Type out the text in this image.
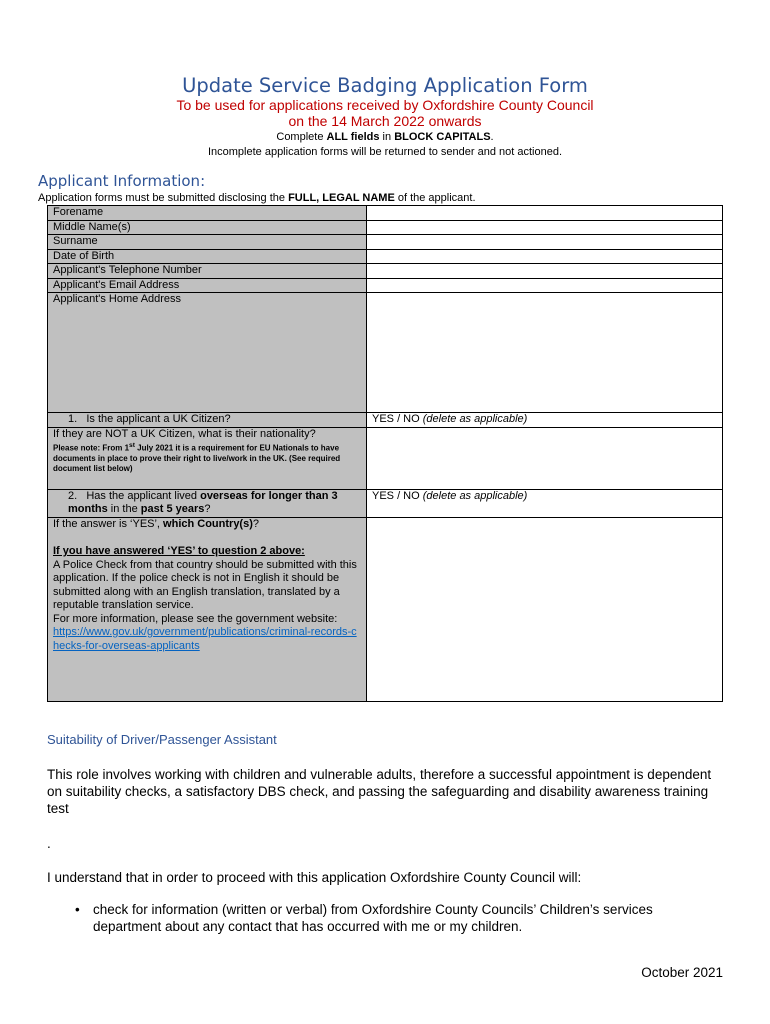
Update Service Badging Application Form
To be used for applications received by Oxfordshire County Council
on the 14 March 2022 onwards
Complete ALL fields in BLOCK CAPITALS.
Incomplete application forms will be returned to sender and not actioned.
Applicant Information:
Application forms must be submitted disclosing the FULL, LEGAL NAME of the applicant.
Forename	
Middle Name(s)	
Surname	
Date of Birth	
Applicant's Telephone Number	
Applicant's Email Address	
Applicant's Home Address	
1. Is the applicant a UK Citizen?	YES / NO (delete as applicable)

If they are NOT a UK Citizen, what is their nationality?
Please note: From 1st July 2021 it is a requirement for EU Nationals to have documents in place to prove their right to live/work in the UK. (See required document list below)	

2. Has the applicant lived overseas for longer than 3 months in the past 5 years?	YES / NO (delete as applicable)

If the answer is ‘YES’, which Country(s)?
If you have answered ‘YES’ to question 2 above:
A Police Check from that country should be submitted with this application. If the police check is not in English it should be submitted along with an English translation, translated by a reputable translation service.
For more information, please see the government website:
https://www.gov.uk/government/publications/criminal-records-checks-for-overseas-applicants	

Suitability of Driver/Passenger Assistant
This role involves working with children and vulnerable adults, therefore a successful appointment is dependent on suitability checks, a satisfactory DBS check, and passing the safeguarding and disability awareness training test
.
I understand that in order to proceed with this application Oxfordshire County Council will:
• check for information (written or verbal) from Oxfordshire County Councils’ Children’s services department about any contact that has occurred with me or my children.
October 2021
